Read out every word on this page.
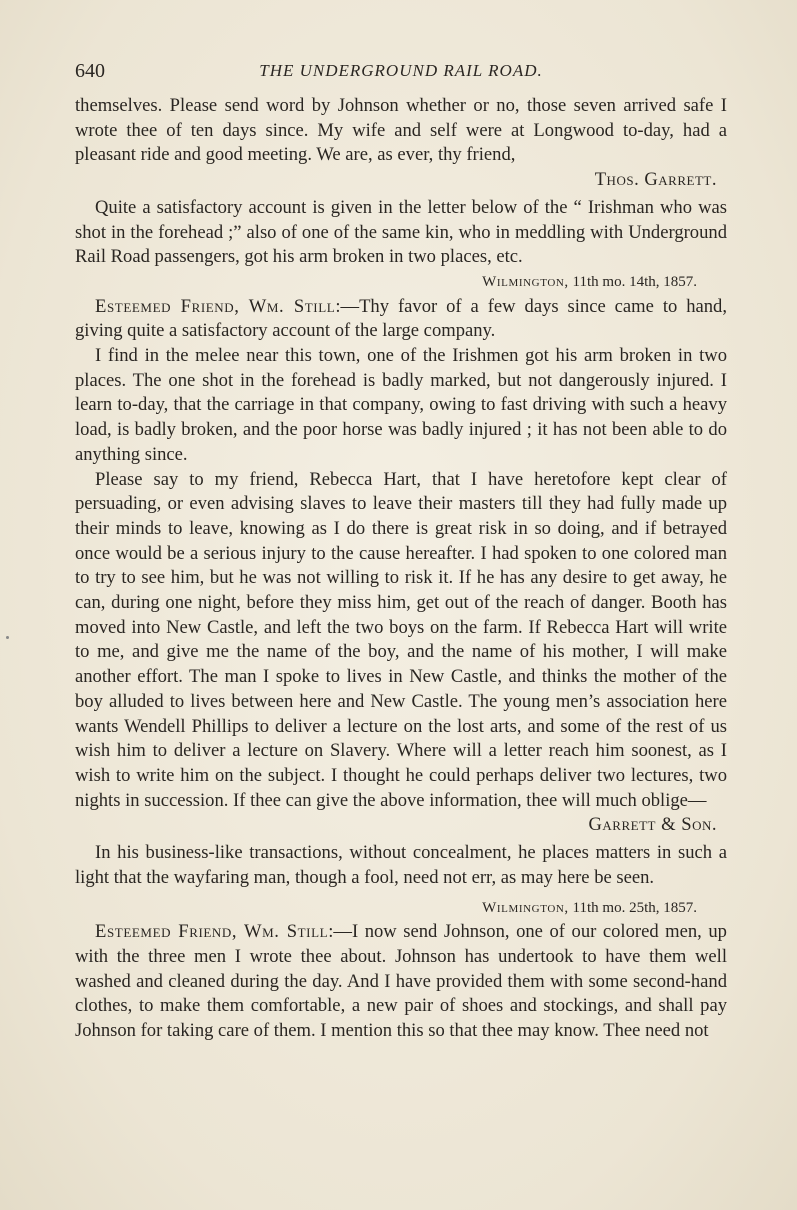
640	THE UNDERGROUND RAIL ROAD.

themselves. Please send word by Johnson whether or no, those seven arrived safe I wrote thee of ten days since. My wife and self were at Longwood to-day, had a pleasant ride and good meeting. We are, as ever, thy friend,

Thos. Garrett.

Quite a satisfactory account is given in the letter below of the “ Irishman who was shot in the forehead ;” also of one of the same kin, who in meddling with Underground Rail Road passengers, got his arm broken in two places, etc.

Wilmington, 11th mo. 14th, 1857.

Esteemed Friend, Wm. Still:—Thy favor of a few days since came to hand, giving quite a satisfactory account of the large company.

I find in the melee near this town, one of the Irishmen got his arm broken in two places. The one shot in the forehead is badly marked, but not dangerously injured. I learn to-day, that the carriage in that company, owing to fast driving with such a heavy load, is badly broken, and the poor horse was badly injured ; it has not been able to do anything since.

Please say to my friend, Rebecca Hart, that I have heretofore kept clear of persuading, or even advising slaves to leave their masters till they had fully made up their minds to leave, knowing as I do there is great risk in so doing, and if betrayed once would be a serious injury to the cause hereafter. I had spoken to one colored man to try to see him, but he was not willing to risk it. If he has any desire to get away, he can, during one night, before they miss him, get out of the reach of danger. Booth has moved into New Castle, and left the two boys on the farm. If Rebecca Hart will write to me, and give me the name of the boy, and the name of his mother, I will make another effort. The man I spoke to lives in New Castle, and thinks the mother of the boy alluded to lives between here and New Castle. The young men’s association here wants Wendell Phillips to deliver a lecture on the lost arts, and some of the rest of us wish him to deliver a lecture on Slavery. Where will a letter reach him soonest, as I wish to write him on the subject. I thought he could perhaps deliver two lectures, two nights in succession. If thee can give the above information, thee will much oblige—

Garrett & Son.

In his business-like transactions, without concealment, he places matters in such a light that the wayfaring man, though a fool, need not err, as may here be seen.

Wilmington, 11th mo. 25th, 1857.

Esteemed Friend, Wm. Still:—I now send Johnson, one of our colored men, up with the three men I wrote thee about. Johnson has undertook to have them well washed and cleaned during the day. And I have provided them with some second-hand clothes, to make them comfortable, a new pair of shoes and stockings, and shall pay Johnson for taking care of them. I mention this so that thee may know. Thee need not
